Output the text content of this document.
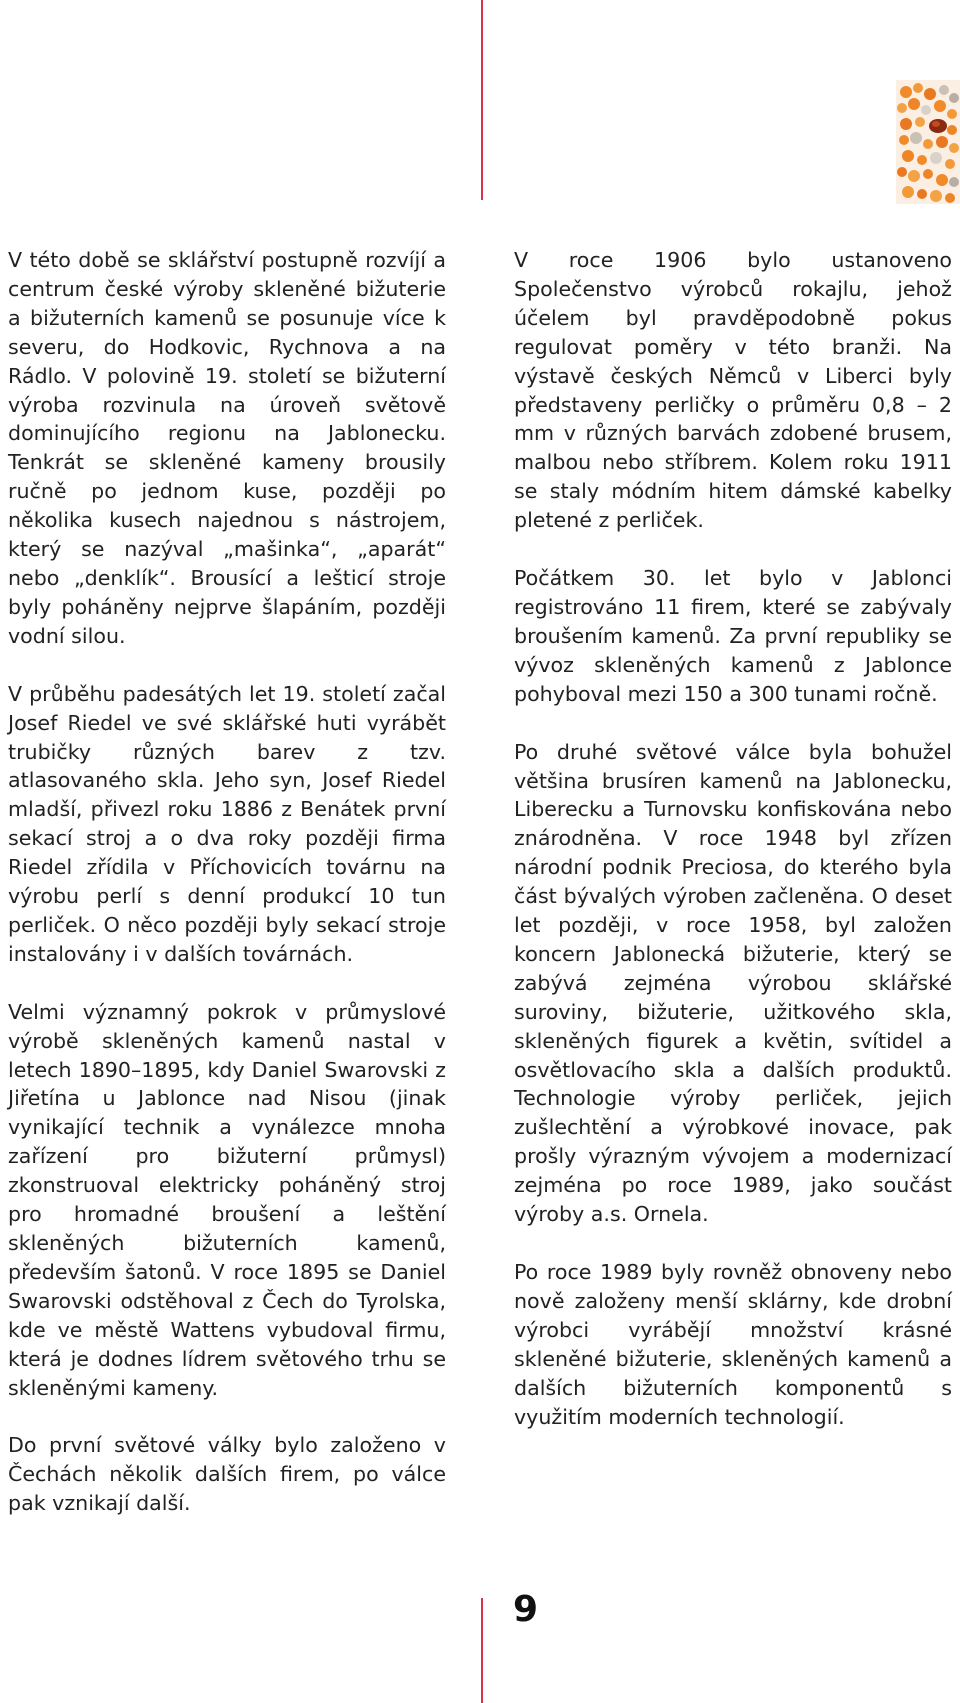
V této době se sklářství postupně rozvíjí a centrum české výroby skleněné bižuterie a bižuterních kamenů se posunuje více k severu, do Hodkovic, Rychnova a na Rádlo. V polovině 19. století se bižuterní výroba rozvinula na úroveň světově dominujícího regionu na Jablonecku. Tenkrát se skleněné kameny brousily ručně po jednom kuse, později po několika kusech najednou s nástrojem, který se nazýval „mašinka“, „aparát“ nebo „denklík“. Brousící a lešticí stroje byly poháněny nejprve šlapáním, později vodní silou.

V průběhu padesátých let 19. století začal Josef Riedel ve své sklářské huti vyrábět trubičky různých barev z tzv. atlasovaného skla. Jeho syn, Josef Riedel mladší, přivezl roku 1886 z Benátek první sekací stroj a o dva roky později firma Riedel zřídila v Příchovicích továrnu na výrobu perlí s denní produkcí 10 tun perliček. O něco později byly sekací stroje instalovány i v dalších továrnách.

Velmi významný pokrok v průmyslové výrobě skleněných kamenů nastal v letech 1890–1895, kdy Daniel Swarovski z Jiřetína u Jablonce nad Nisou (jinak vynikající technik a vynálezce mnoha zařízení pro bižuterní průmysl) zkonstruoval elektricky poháněný stroj pro hromadné broušení a leštění skleněných bižuterních kamenů, především šatonů. V roce 1895 se Daniel Swarovski odstěhoval z Čech do Tyrolska, kde ve městě Wattens vybudoval firmu, která je dodnes lídrem světového trhu se skleněnými kameny.

Do první světové války bylo založeno v Čechách několik dalších firem, po válce pak vznikají další.

V roce 1906 bylo ustanoveno Společenstvo výrobců rokajlu, jehož účelem byl pravděpodobně pokus regulovat poměry v této branži. Na výstavě českých Němců v Liberci byly představeny perličky o průměru 0,8 – 2 mm v různých barvách zdobené brusem, malbou nebo stříbrem. Kolem roku 1911 se staly módním hitem dámské kabelky pletené z perliček.

Počátkem 30. let bylo v Jablonci registrováno 11 firem, které se zabývaly broušením kamenů. Za první republiky se vývoz skleněných kamenů z Jablonce pohyboval mezi 150 a 300 tunami ročně.

Po druhé světové válce byla bohužel většina brusíren kamenů na Jablonecku, Liberecku a Turnovsku konfiskována nebo znárodněna. V roce 1948 byl zřízen národní podnik Preciosa, do kterého byla část bývalých výroben začleněna. O deset let později, v roce 1958, byl založen koncern Jablonecká bižuterie, který se zabývá zejména výrobou sklářské suroviny, bižuterie, užitkového skla, skleněných figurek a květin, svítidel a osvětlovacího skla a dalších produktů. Technologie výroby perliček, jejich zušlechtění a výrobkové inovace, pak prošly výrazným vývojem a modernizací zejména po roce 1989, jako součást výroby a.s. Ornela.

Po roce 1989 byly rovněž obnoveny nebo nově založeny menší sklárny, kde drobní výrobci vyrábějí množství krásné skleněné bižuterie, skleněných kamenů a dalších bižuterních komponentů s využitím moderních technologií.

9
